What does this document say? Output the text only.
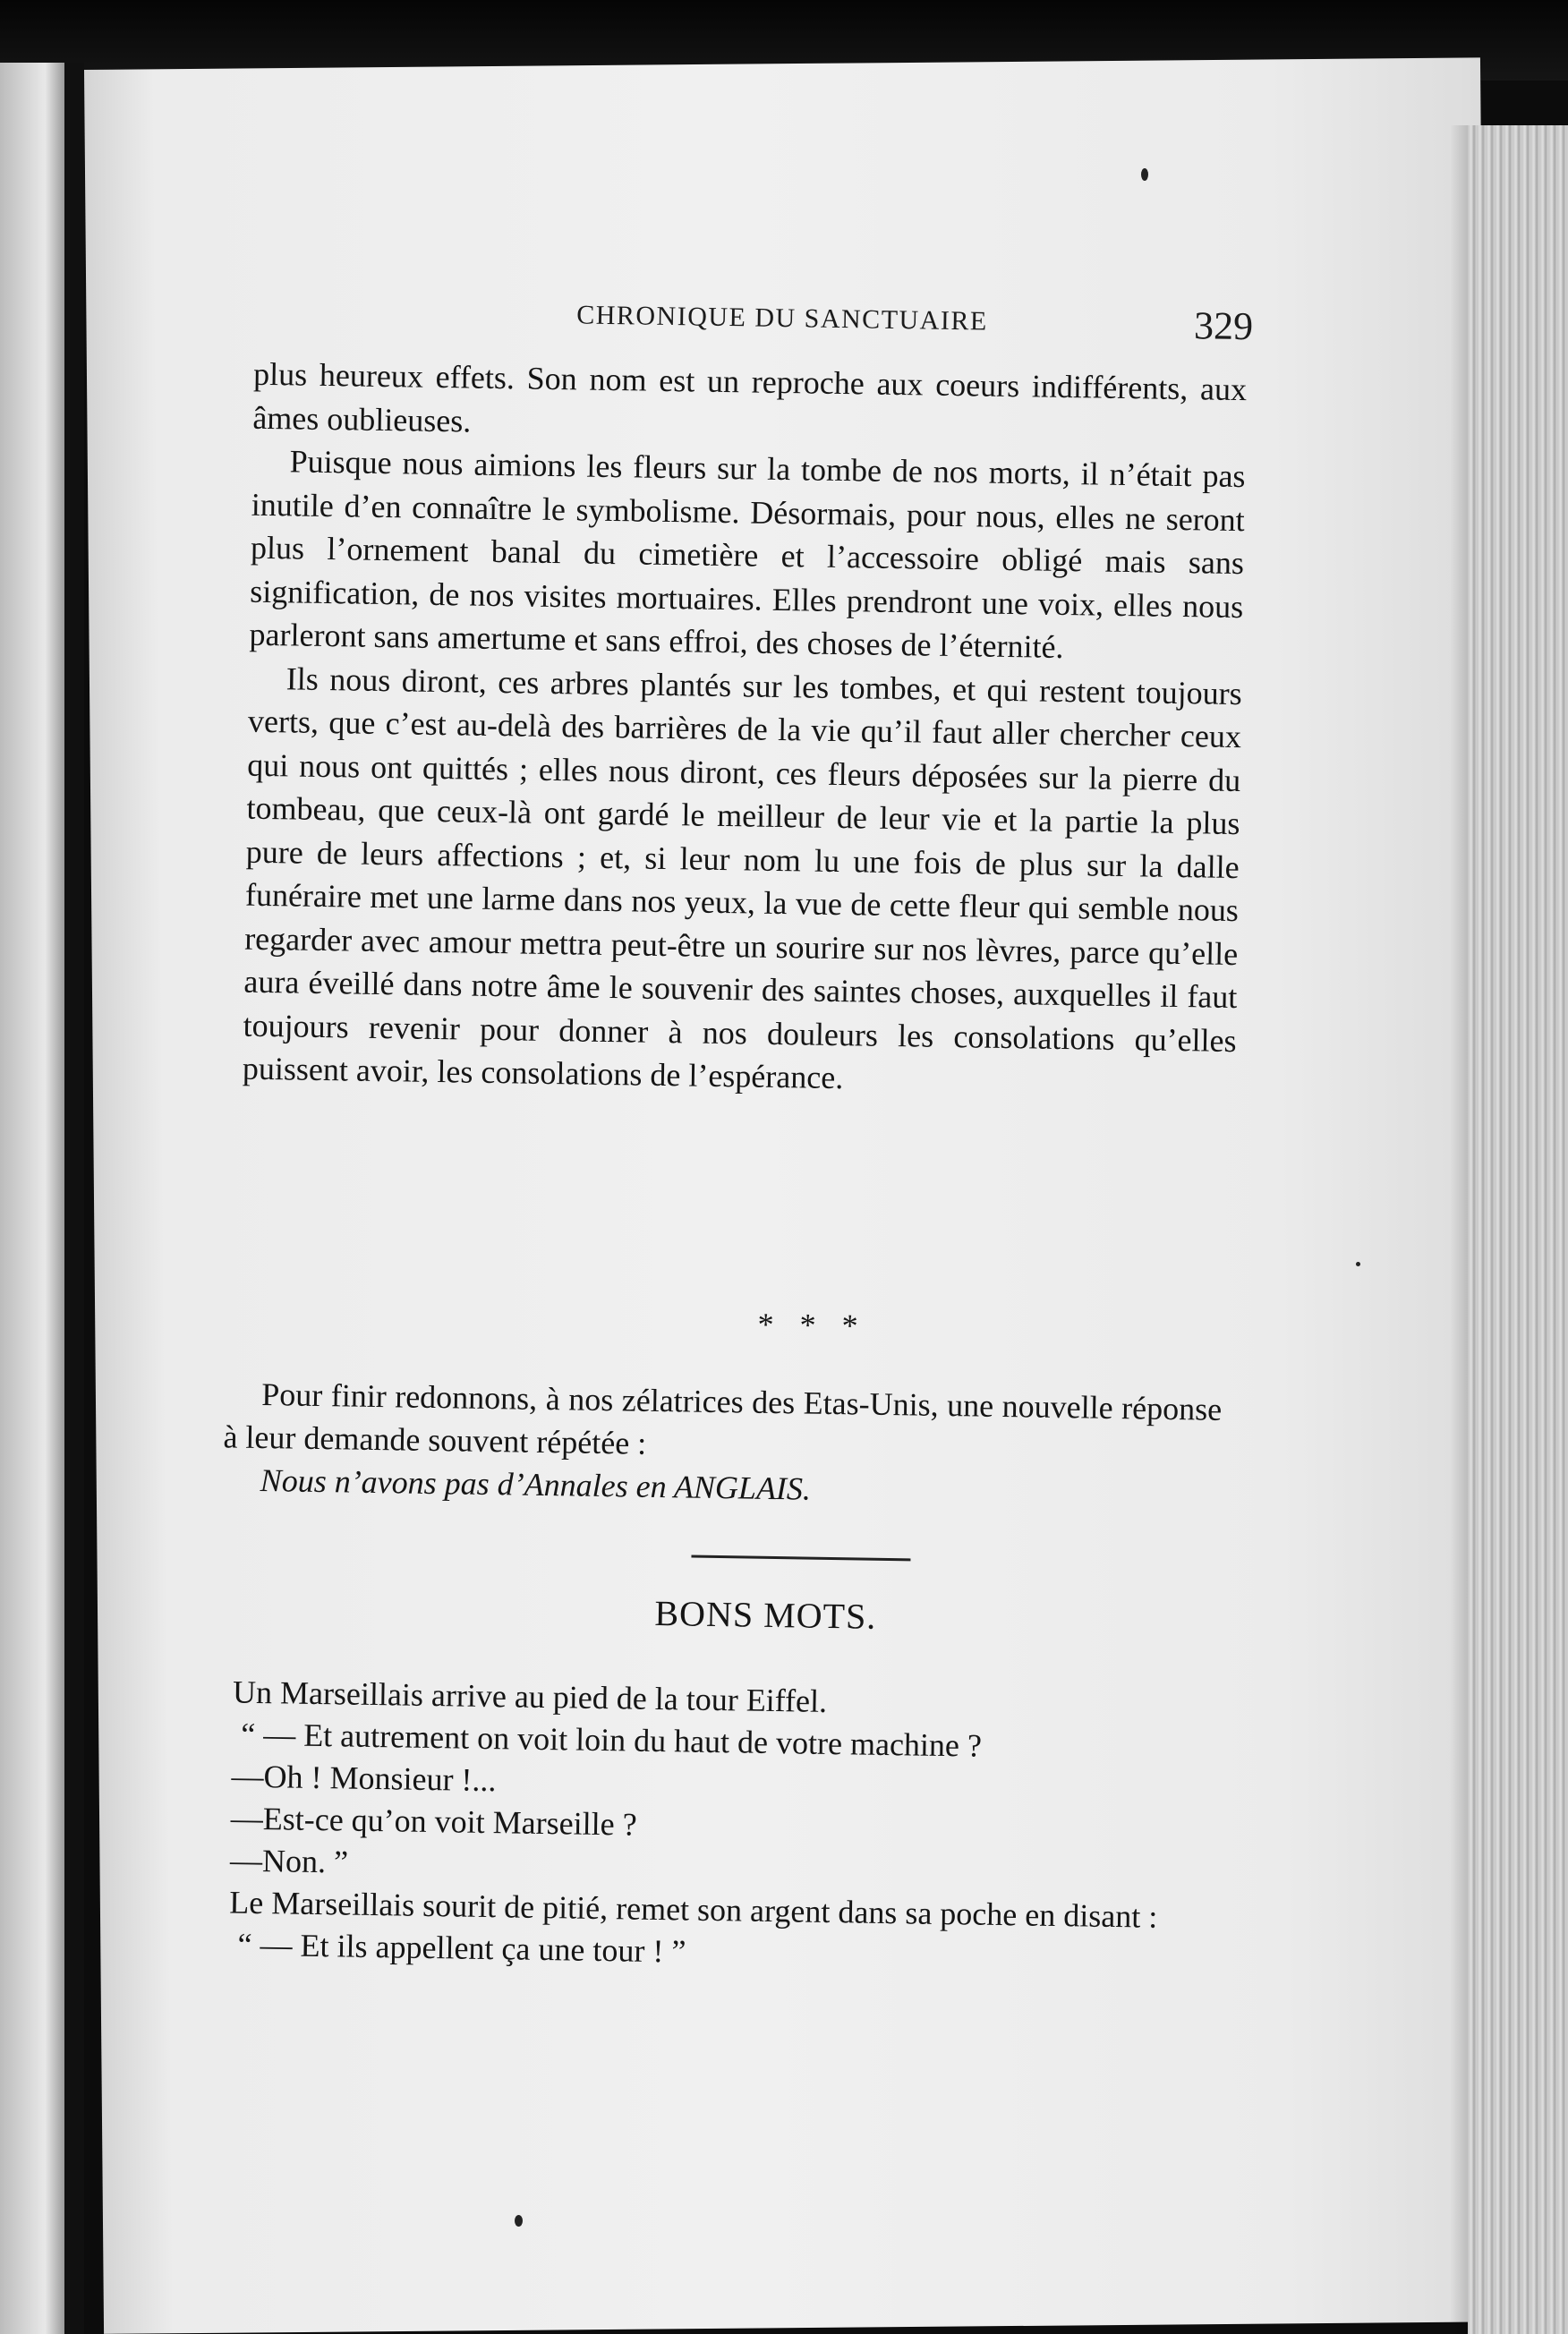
CHRONIQUE DU SANCTUAIRE	329

plus heureux effets. Son nom est un reproche aux coeurs indifférents, aux âmes oublieuses.

Puisque nous aimions les fleurs sur la tombe de nos morts, il n’était pas inutile d’en connaître le symbolisme. Désormais, pour nous, elles ne seront plus l’ornement banal du cimetière et l’accessoire obligé mais sans signification, de nos visites mortuaires. Elles prendront une voix, elles nous parleront sans amertume et sans effroi, des choses de l’éternité.

Ils nous diront, ces arbres plantés sur les tombes, et qui restent toujours verts, que c’est au-delà des barrières de la vie qu’il faut aller chercher ceux qui nous ont quittés ; elles nous diront, ces fleurs déposées sur la pierre du tombeau, que ceux-là ont gardé le meilleur de leur vie et la partie la plus pure de leurs affections ; et, si leur nom lu une fois de plus sur la dalle funéraire met une larme dans nos yeux, la vue de cette fleur qui semble nous regarder avec amour mettra peut-être un sourire sur nos lèvres, parce qu’elle aura éveillé dans notre âme le souvenir des saintes choses, auxquelles il faut toujours revenir pour donner à nos douleurs les consolations qu’elles puissent avoir, les consolations de l’espérance.

* * *

Pour finir redonnons, à nos zélatrices des Etas-Unis, une nouvelle réponse à leur demande souvent répétée :

Nous n’avons pas d’Annales en ANGLAIS.

BONS MOTS.

Un Marseillais arrive au pied de la tour Eiffel.

“ — Et autrement on voit loin du haut de votre machine ?

—Oh ! Monsieur !...

—Est-ce qu’on voit Marseille ?

—Non. ”

Le Marseillais sourit de pitié, remet son argent dans sa poche en disant :

“ — Et ils appellent ça une tour ! ”
